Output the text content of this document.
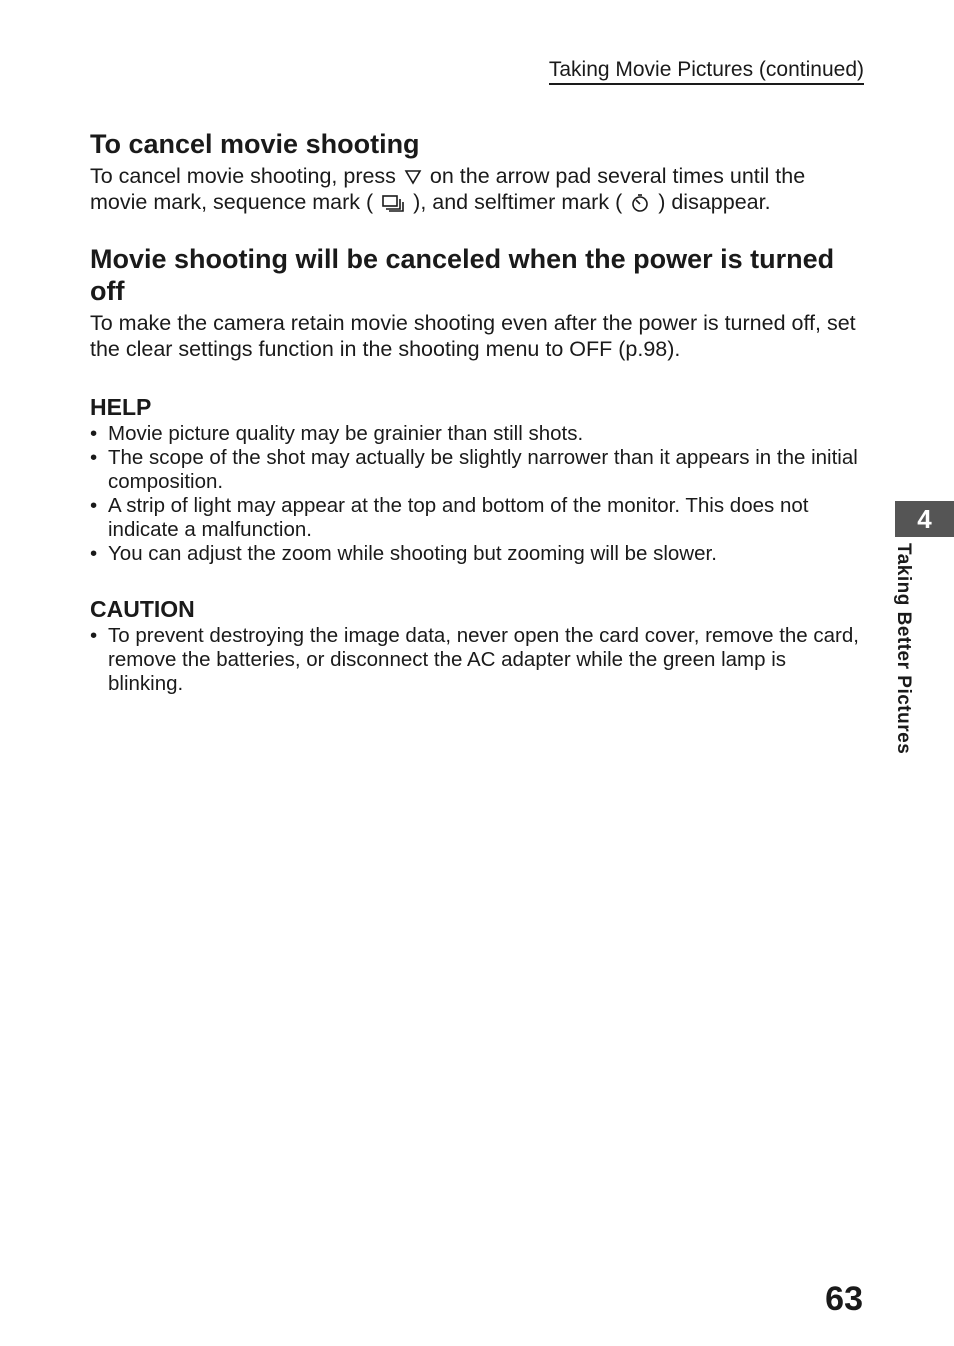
Taking Movie Pictures (continued)
To cancel movie shooting

To cancel movie shooting, press on the arrow pad several times until the movie mark, sequence mark ( ), and selftimer mark ( ) disappear.

Movie shooting will be canceled when the power is turned off

To make the camera retain movie shooting even after the power is turned off, set the clear settings function in the shooting menu to OFF (p.98).

HELP
• Movie picture quality may be grainier than still shots.
• The scope of the shot may actually be slightly narrower than it appears in the initial composition.
• A strip of light may appear at the top and bottom of the monitor. This does not indicate a malfunction.
• You can adjust the zoom while shooting but zooming will be slower.
CAUTION
• To prevent destroying the image data, never open the card cover, remove the card, remove the batteries, or disconnect the AC adapter while the green lamp is blinking.
4
Taking Better Pictures
63
